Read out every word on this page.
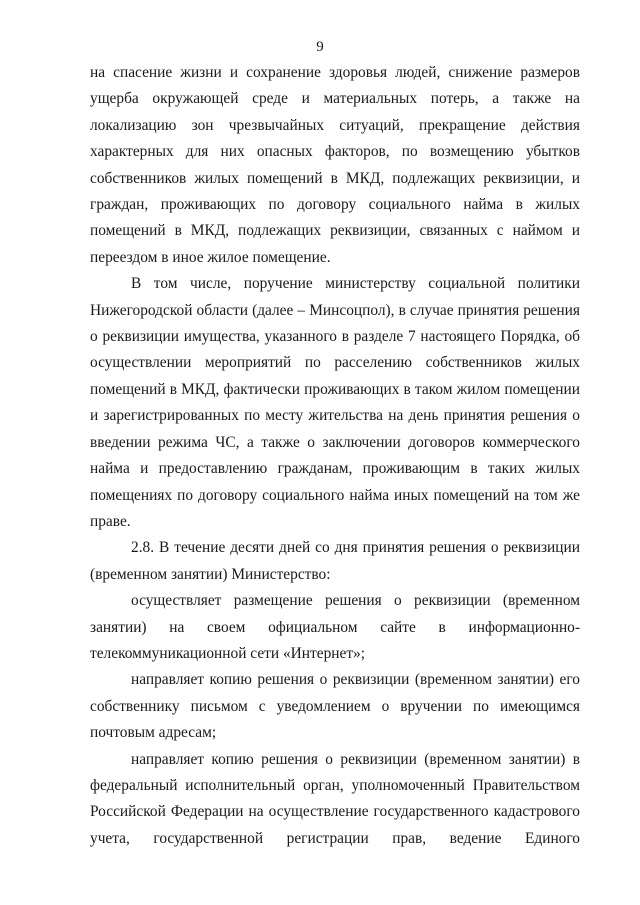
9

на спасение жизни и сохранение здоровья людей, снижение размеров ущерба окружающей среде и материальных потерь, а также на локализацию зон чрезвычайных ситуаций, прекращение действия характерных для них опасных факторов, по возмещению убытков собственников жилых помещений в МКД, подлежащих реквизиции, и граждан, проживающих по договору социального найма в жилых помещений в МКД, подлежащих реквизиции, связанных с наймом и переездом в иное жилое помещение.

В том числе, поручение министерству социальной политики Нижегородской области (далее – Минсоцпол), в случае принятия решения о реквизиции имущества, указанного в разделе 7 настоящего Порядка, об осуществлении мероприятий по расселению собственников жилых помещений в МКД, фактически проживающих в таком жилом помещении и зарегистрированных по месту жительства на день принятия решения о введении режима ЧС, а также о заключении договоров коммерческого найма и предоставлению гражданам, проживающим в таких жилых помещениях по договору социального найма иных помещений на том же праве.

2.8. В течение десяти дней со дня принятия решения о реквизиции (временном занятии) Министерство:

осуществляет размещение решения о реквизиции (временном занятии) на своем официальном сайте в информационно-телекоммуникационной сети «Интернет»;

направляет копию решения о реквизиции (временном занятии) его собственнику письмом с уведомлением о вручении по имеющимся почтовым адресам;

направляет копию решения о реквизиции (временном занятии) в федеральный исполнительный орган, уполномоченный Правительством Российской Федерации на осуществление государственного кадастрового учета, государственной регистрации прав, ведение Единого
